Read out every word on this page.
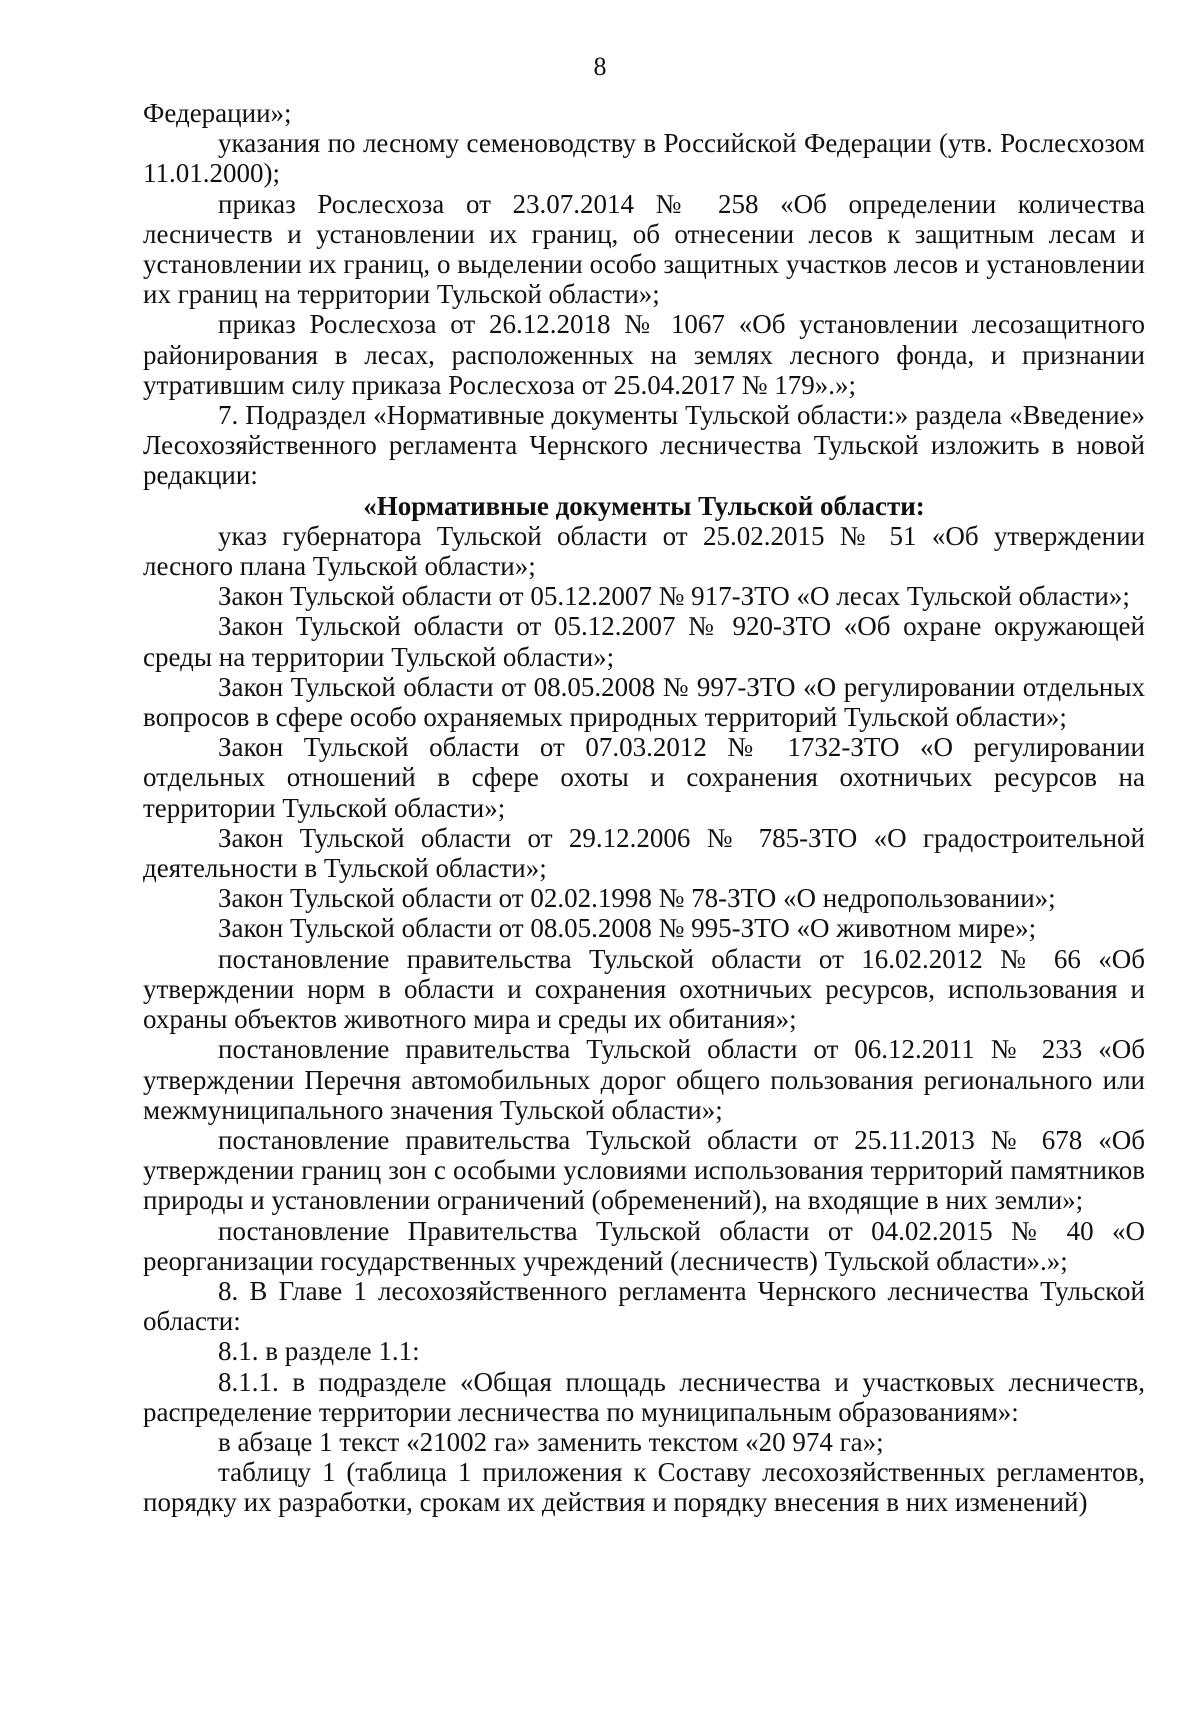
8

Федерации»;

указания по лесному семеноводству в Российской Федерации (утв. Рослесхозом 11.01.2000);

приказ Рослесхоза от 23.07.2014 № 258 «Об определении количества лесничеств и установлении их границ, об отнесении лесов к защитным лесам и установлении их границ, о выделении особо защитных участков лесов и установлении их границ на территории Тульской области»;

приказ Рослесхоза от 26.12.2018 № 1067 «Об установлении лесозащитного районирования в лесах, расположенных на землях лесного фонда, и признании утратившим силу приказа Рослесхоза от 25.04.2017 № 179».»;

7. Подраздел «Нормативные документы Тульской области:» раздела «Введение» Лесохозяйственного регламента Чернского лесничества Тульской изложить в новой редакции:

«Нормативные документы Тульской области:

указ губернатора Тульской области от 25.02.2015 № 51 «Об утверждении лесного плана Тульской области»;

Закон Тульской области от 05.12.2007 № 917-ЗТО «О лесах Тульской области»;

Закон Тульской области от 05.12.2007 № 920-ЗТО «Об охране окружающей среды на территории Тульской области»;

Закон Тульской области от 08.05.2008 № 997-ЗТО «О регулировании отдельных вопросов в сфере особо охраняемых природных территорий Тульской области»;

Закон Тульской области от 07.03.2012 № 1732-ЗТО «О регулировании отдельных отношений в сфере охоты и сохранения охотничьих ресурсов на территории Тульской области»;

Закон Тульской области от 29.12.2006 № 785-ЗТО «О градостроительной деятельности в Тульской области»;

Закон Тульской области от 02.02.1998 № 78-ЗТО «О недропользовании»;

Закон Тульской области от 08.05.2008 № 995-ЗТО «О животном мире»;

постановление правительства Тульской области от 16.02.2012 № 66 «Об утверждении норм в области и сохранения охотничьих ресурсов, использования и охраны объектов животного мира и среды их обитания»;

постановление правительства Тульской области от 06.12.2011 № 233 «Об утверждении Перечня автомобильных дорог общего пользования регионального или межмуниципального значения Тульской области»;

постановление правительства Тульской области от 25.11.2013 № 678 «Об утверждении границ зон с особыми условиями использования территорий памятников природы и установлении ограничений (обременений), на входящие в них земли»;

постановление Правительства Тульской области от 04.02.2015 № 40 «О реорганизации государственных учреждений (лесничеств) Тульской области».»;

8. В Главе 1 лесохозяйственного регламента Чернского лесничества Тульской области:

8.1. в разделе 1.1:

8.1.1. в подразделе «Общая площадь лесничества и участковых лесничеств, распределение территории лесничества по муниципальным образованиям»:

в абзаце 1 текст «21002 га» заменить текстом «20 974 га»;

таблицу 1 (таблица 1 приложения к Составу лесохозяйственных регламентов, порядку их разработки, срокам их действия и порядку внесения в них изменений)
